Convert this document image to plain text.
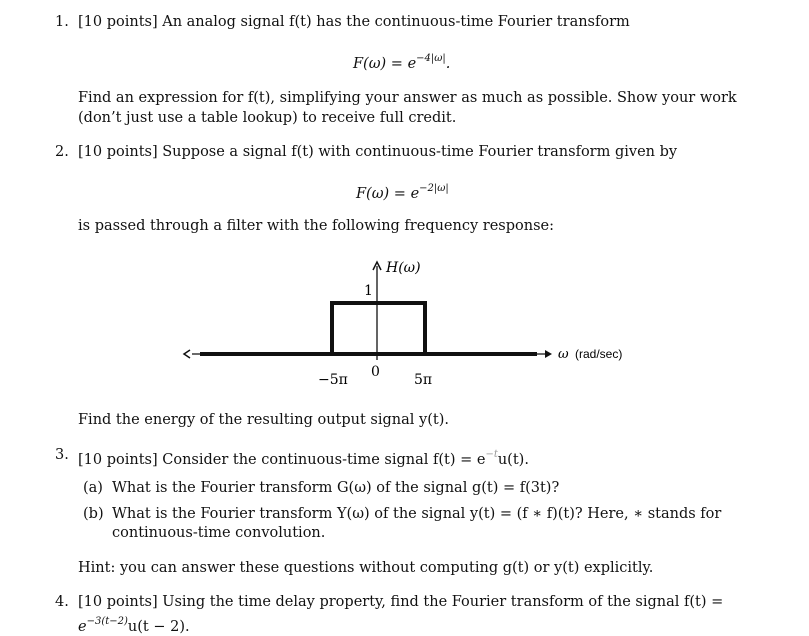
1. [10 points] An analog signal f(t) has the continuous-time Fourier transform
$F(\omega) = e^{-4|\omega|}$.
Find an expression for f(t), simplifying your answer as much as possible. Show your work
(don’t just use a table lookup) to receive full credit.
2. [10 points] Suppose a signal f(t) with continuous-time Fourier transform given by
$F(\omega) = e^{-2|\omega|}$
is passed through a filter with the following frequency response:
H(ω)
1
−5π 0 5π
ω (rad/sec)
Find the energy of the resulting output signal y(t).
3. [10 points] Consider the continuous-time signal $f(t) = e^{-t}u(t)$.
(a) What is the Fourier transform G(ω) of the signal g(t) = f(3t)?
(b) What is the Fourier transform Y(ω) of the signal y(t) = (f ∗ f)(t)? Here, ∗ stands for
continuous-time convolution.
Hint: you can answer these questions without computing g(t) or y(t) explicitly.
4. [10 points] Using the time delay property, find the Fourier transform of the signal f(t) =
$e^{-3(t-2)}u(t - 2)$.
